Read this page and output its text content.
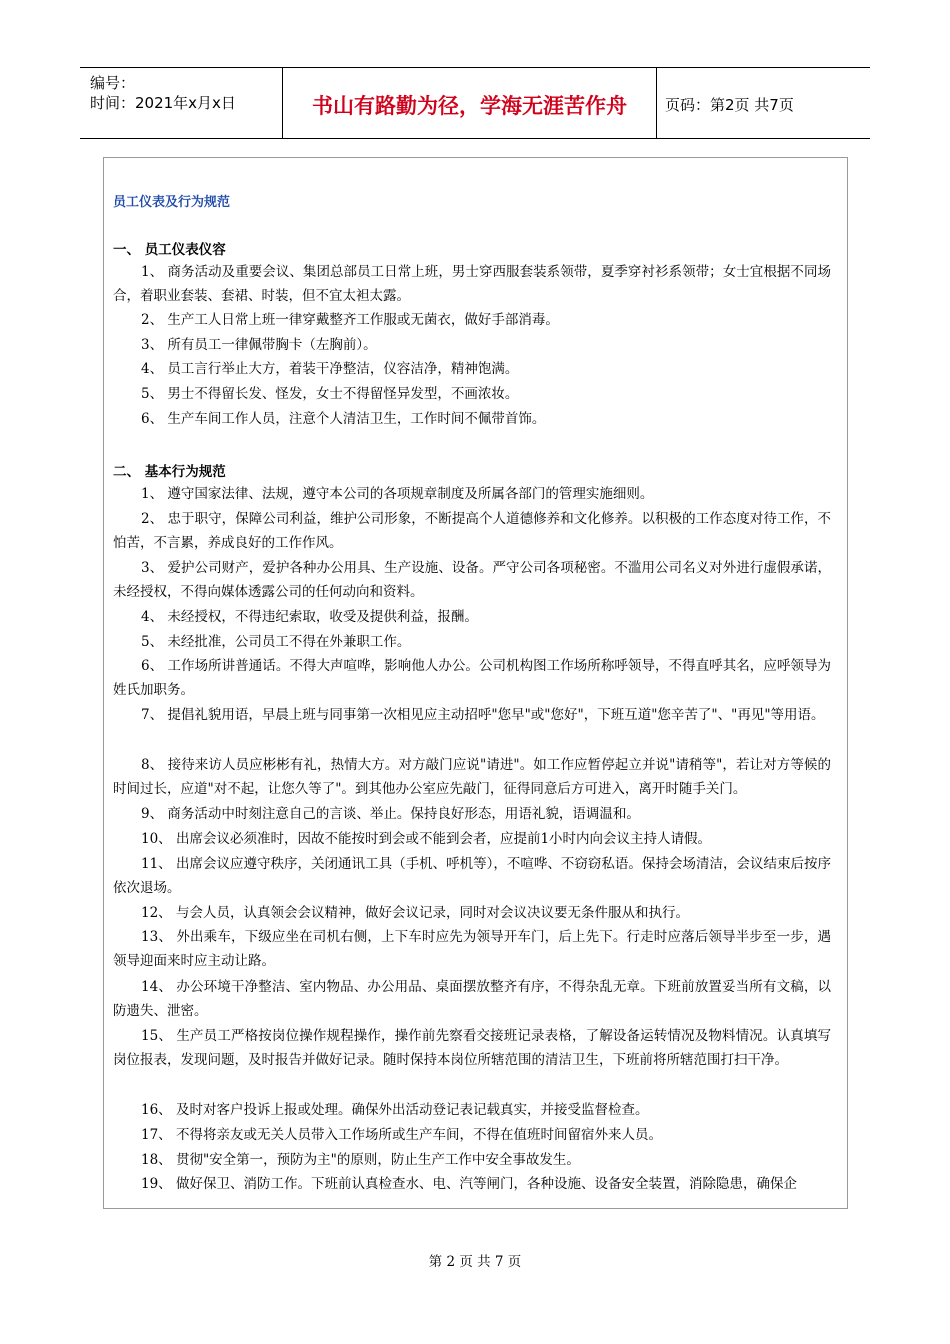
编号：
时间：2021年x月x日	书山有路勤为径，学海无涯苦作舟	页码：第2页 共7页
员工仪表及行为规范
一、 员工仪表仪容
1、 商务活动及重要会议、集团总部员工日常上班，男士穿西服套装系领带，夏季穿衬衫系领带；女士宜根据不同场合，着职业套装、套裙、时装，但不宜太袒太露。
2、 生产工人日常上班一律穿戴整齐工作服或无菌衣，做好手部消毒。
3、 所有员工一律佩带胸卡（左胸前）。
4、 员工言行举止大方，着装干净整洁，仪容洁净，精神饱满。
5、 男士不得留长发、怪发，女士不得留怪异发型，不画浓妆。
6、 生产车间工作人员，注意个人清洁卫生，工作时间不佩带首饰。
二、 基本行为规范
1、 遵守国家法律、法规，遵守本公司的各项规章制度及所属各部门的管理实施细则。
2、 忠于职守，保障公司利益，维护公司形象，不断提高个人道德修养和文化修养。以积极的工作态度对待工作，不怕苦，不言累，养成良好的工作作风。
3、 爱护公司财产，爱护各种办公用具、生产设施、设备。严守公司各项秘密。不滥用公司名义对外进行虚假承诺，未经授权，不得向媒体透露公司的任何动向和资料。
4、 未经授权，不得违纪索取，收受及提供利益，报酬。
5、 未经批准，公司员工不得在外兼职工作。
6、 工作场所讲普通话。不得大声喧哗，影响他人办公。公司机构图工作场所称呼领导，不得直呼其名，应呼领导为姓氏加职务。
7、 提倡礼貌用语，早晨上班与同事第一次相见应主动招呼"您早"或"您好"，下班互道"您辛苦了"、"再见"等用语。
8、 接待来访人员应彬彬有礼，热情大方。对方敲门应说"请进"。如工作应暂停起立并说"请稍等"，若让对方等候的时间过长，应道"对不起，让您久等了"。到其他办公室应先敲门，征得同意后方可进入，离开时随手关门。
9、 商务活动中时刻注意自己的言谈、举止。保持良好形态，用语礼貌，语调温和。
10、 出席会议必须准时，因故不能按时到会或不能到会者，应提前1小时内向会议主持人请假。
11、 出席会议应遵守秩序，关闭通讯工具（手机、呼机等），不喧哗、不窃窃私语。保持会场清洁，会议结束后按序依次退场。
12、 与会人员，认真领会会议精神，做好会议记录，同时对会议决议要无条件服从和执行。
13、 外出乘车，下级应坐在司机右侧，上下车时应先为领导开车门，后上先下。行走时应落后领导半步至一步，遇领导迎面来时应主动让路。
14、 办公环境干净整洁、室内物品、办公用品、桌面摆放整齐有序，不得杂乱无章。下班前放置妥当所有文稿，以防遗失、泄密。
15、 生产员工严格按岗位操作规程操作，操作前先察看交接班记录表格，了解设备运转情况及物料情况。认真填写岗位报表，发现问题，及时报告并做好记录。随时保持本岗位所辖范围的清洁卫生，下班前将所辖范围打扫干净。
16、 及时对客户投诉上报或处理。确保外出活动登记表记载真实，并接受监督检查。
17、 不得将亲友或无关人员带入工作场所或生产车间，不得在值班时间留宿外来人员。
18、 贯彻"安全第一，预防为主"的原则，防止生产工作中安全事故发生。
19、 做好保卫、消防工作。下班前认真检查水、电、汽等闸门，各种设施、设备安全装置，消除隐患，确保企
第 2 页 共 7 页
